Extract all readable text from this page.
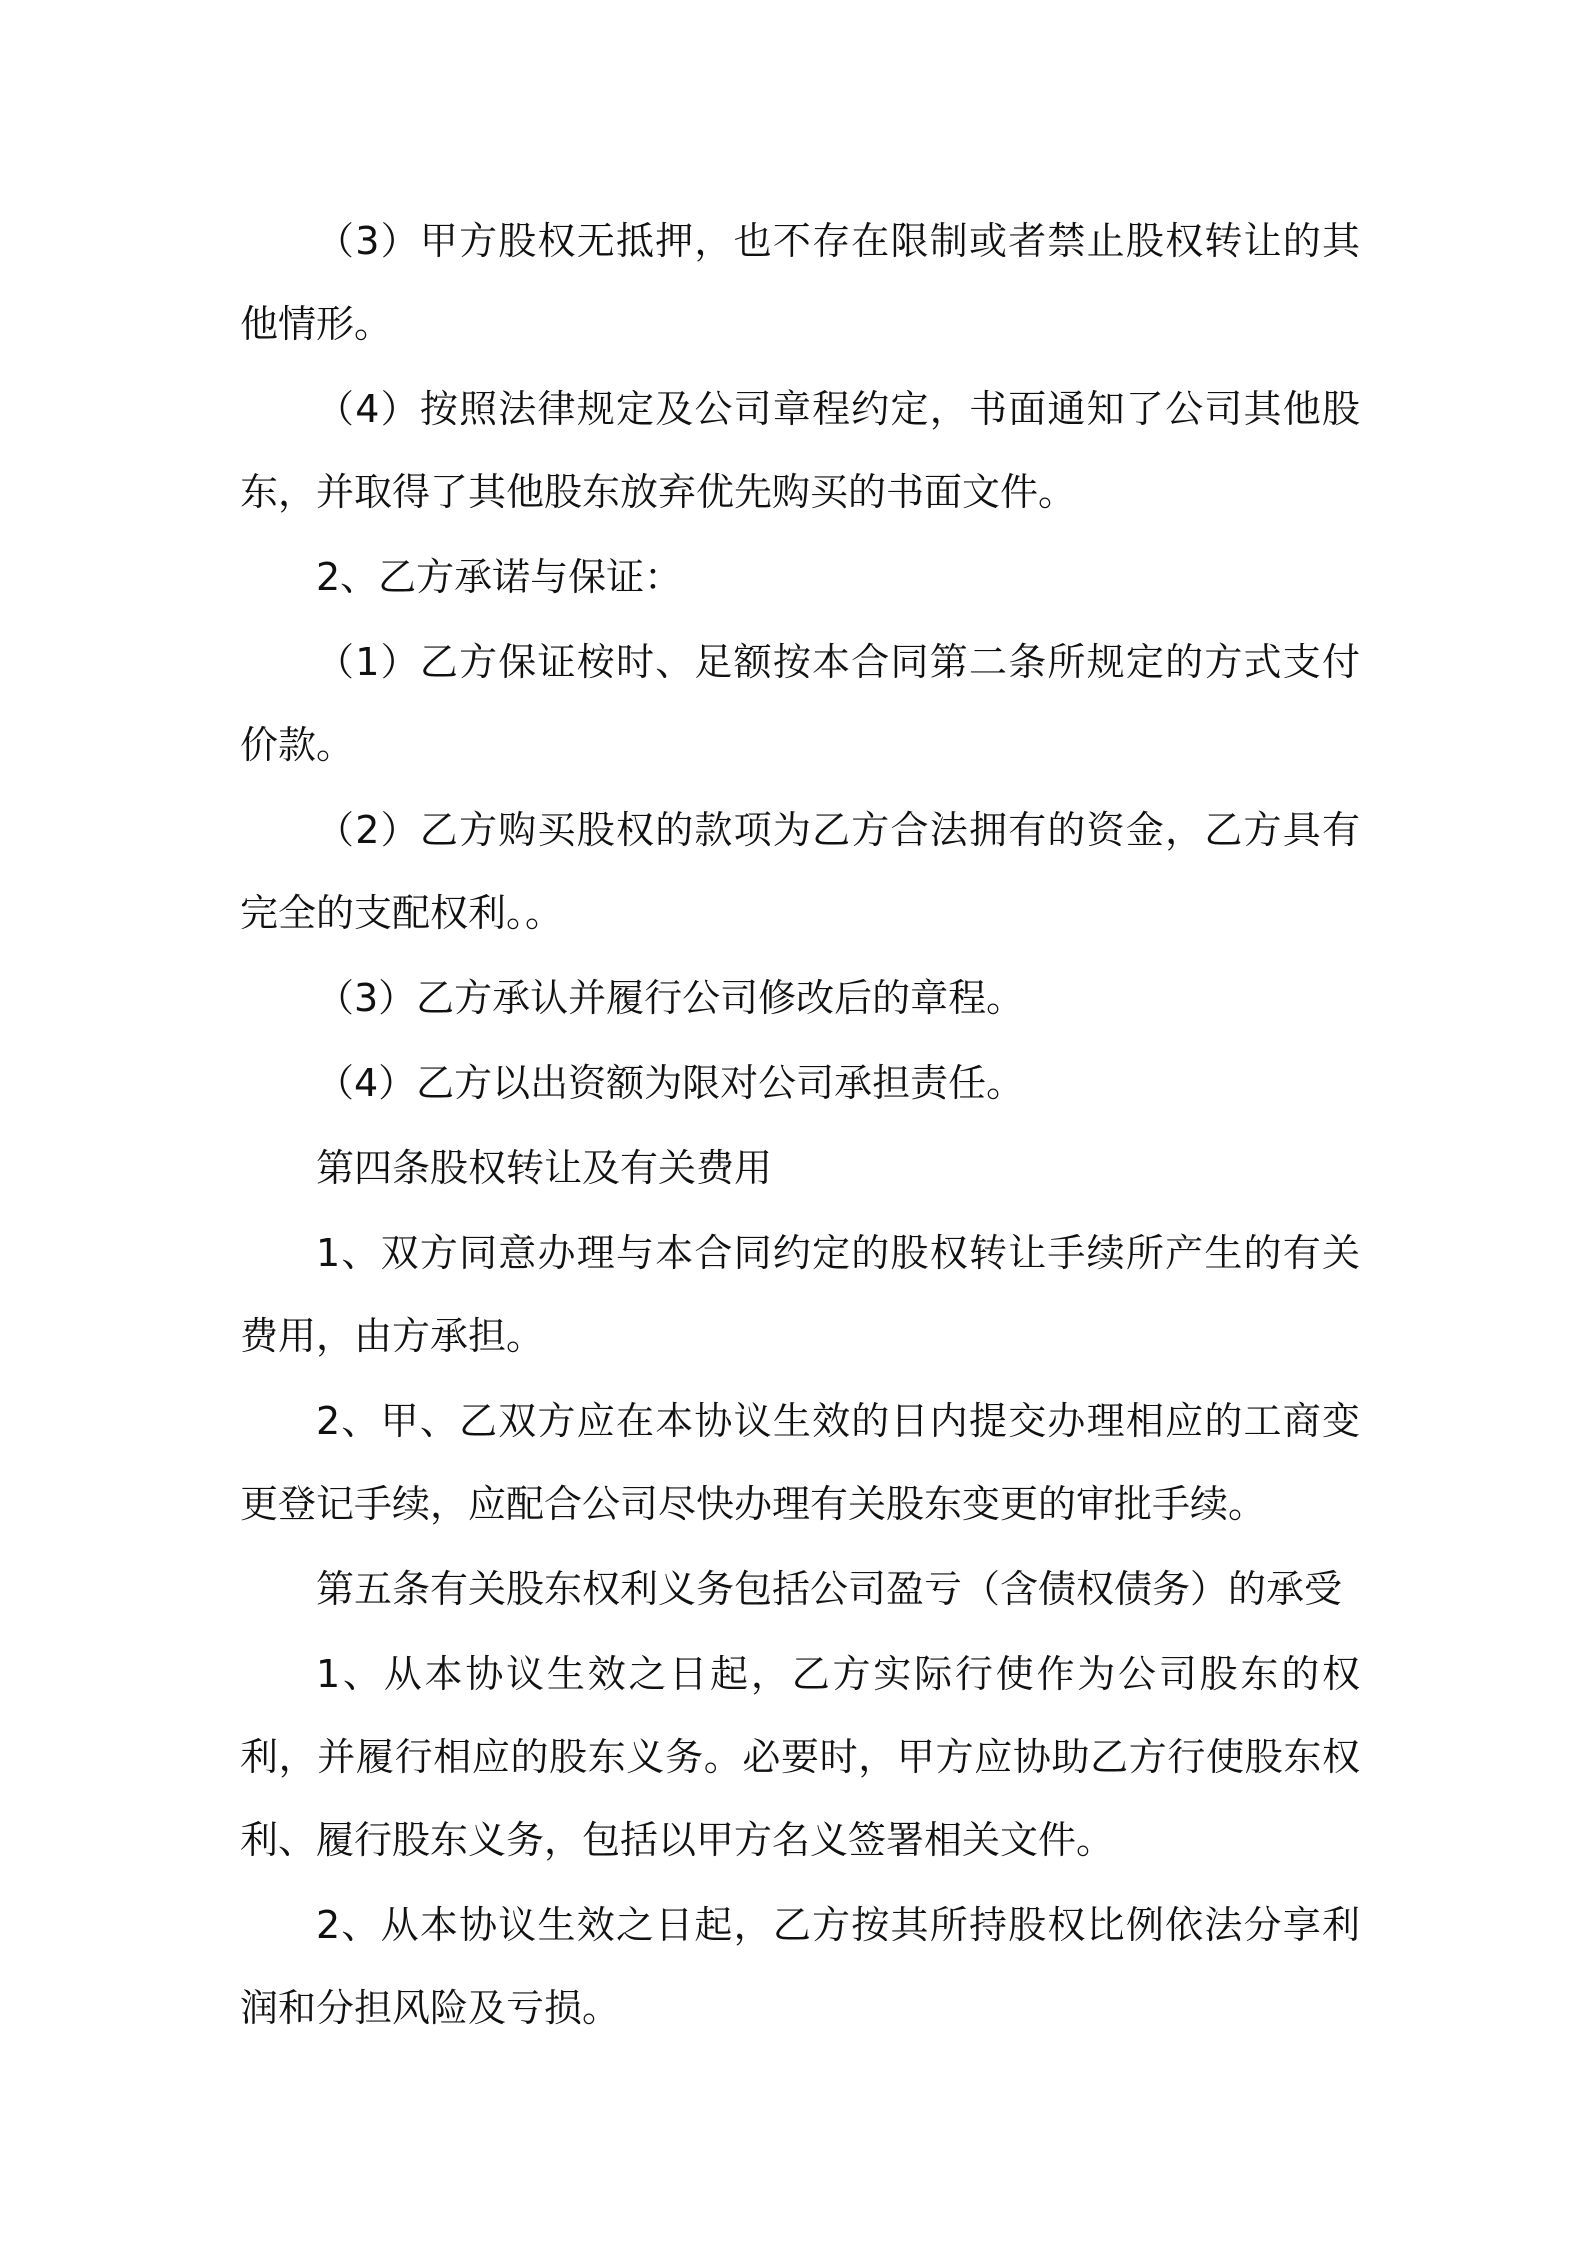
（3）甲方股权无抵押，也不存在限制或者禁止股权转让的其他情形。

（4）按照法律规定及公司章程约定，书面通知了公司其他股东，并取得了其他股东放弃优先购买的书面文件。

2、乙方承诺与保证：

（1）乙方保证桉时、足额按本合同第二条所规定的方式支付价款。

（2）乙方购买股权的款项为乙方合法拥有的资金，乙方具有完全的支配权利。。

（3）乙方承认并履行公司修改后的章程。

（4）乙方以出资额为限对公司承担责任。

第四条股权转让及有关费用

1、双方同意办理与本合同约定的股权转让手续所产生的有关费用，由方承担。

2、甲、乙双方应在本协议生效的日内提交办理相应的工商变更登记手续，应配合公司尽快办理有关股东变更的审批手续。

第五条有关股东权利义务包括公司盈亏（含债权债务）的承受

1、从本协议生效之日起，乙方实际行使作为公司股东的权利，并履行相应的股东义务。必要时，甲方应协助乙方行使股东权利、履行股东义务，包括以甲方名义签署相关文件。

2、从本协议生效之日起，乙方按其所持股权比例依法分享利润和分担风险及亏损。
